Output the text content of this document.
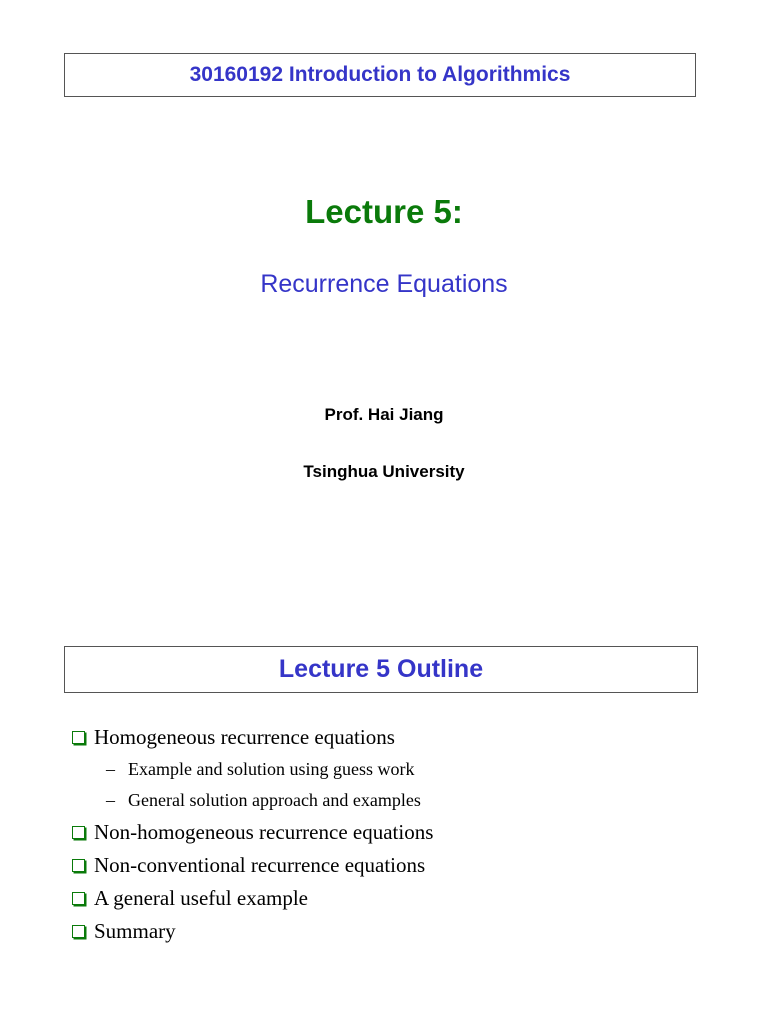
30160192 Introduction to Algorithmics
Lecture 5:
Recurrence Equations
Prof. Hai Jiang
Tsinghua University
Lecture 5 Outline
Homogeneous recurrence equations
– Example and solution using guess work
– General solution approach and examples
Non-homogeneous recurrence equations
Non-conventional recurrence equations
A general useful example
Summary
